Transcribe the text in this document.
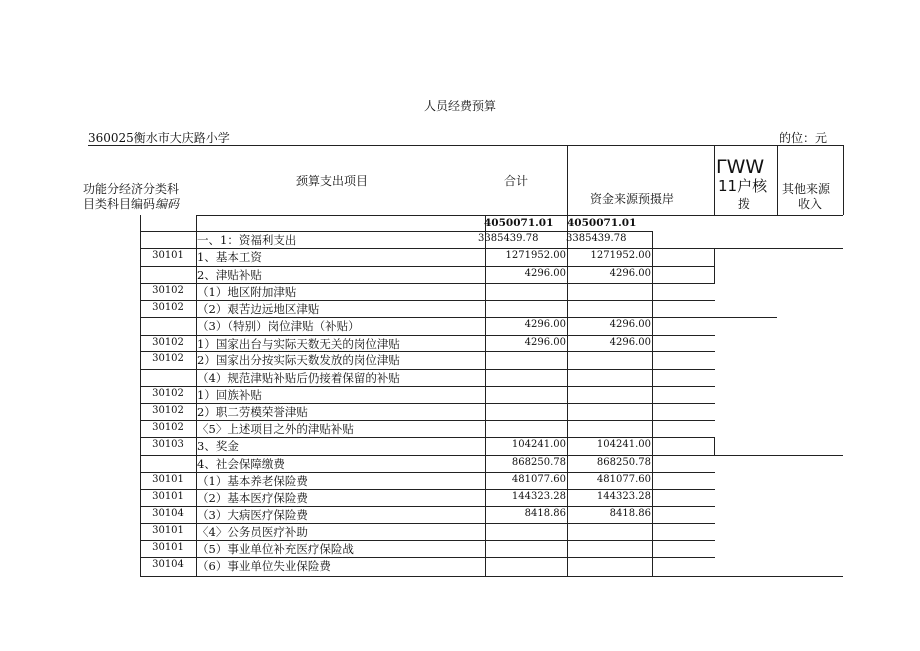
人员经费预算
360025衡水市大庆路小学	的位：元
功能分经济分类科
目类科目编码编码
颈算支出项目	合计
资金来源预摄岸
ΓWW
11户核
拨
其他来源
收入
4050071.01 4050071.01
一、1：资福利支出	3385439.78	3385439.78
30101	1、基本工资	1271952.00	1271952.00
2、津贴补贴	4296.00	4296.00
30102	（1）地区附加津贴
30102	（2）艰苦边远地区津贴
（3）（特别）岗位津贴（补贴）	4296.00	4296.00
30102	1）国家出台与实际天数无关的岗位津贴	4296.00	4296.00
30102	2）国家出分按实际天数发放的岗位津贴
（4）规范津贴补贴后仍接着保留的补贴
30102	1）回族补贴
30102	2）职二劳模荣誉津贴
30102	〈5〉上述项目之外的津贴补贴
30103	3、奖金	104241.00	104241.00
4、社会保障缴费	868250.78	868250.78
30101	（1）基本养老保险费	481077.60	481077.60
30101	（2）基本医疗保险费	144323.28	144323.28
30104	（3）大病医疗保险费	8418.86	8418.86
30101	〈4〉公务员医疗补助
30101	（5）事业单位补充医疗保险战
30104	（6）事业单位失业保险费
